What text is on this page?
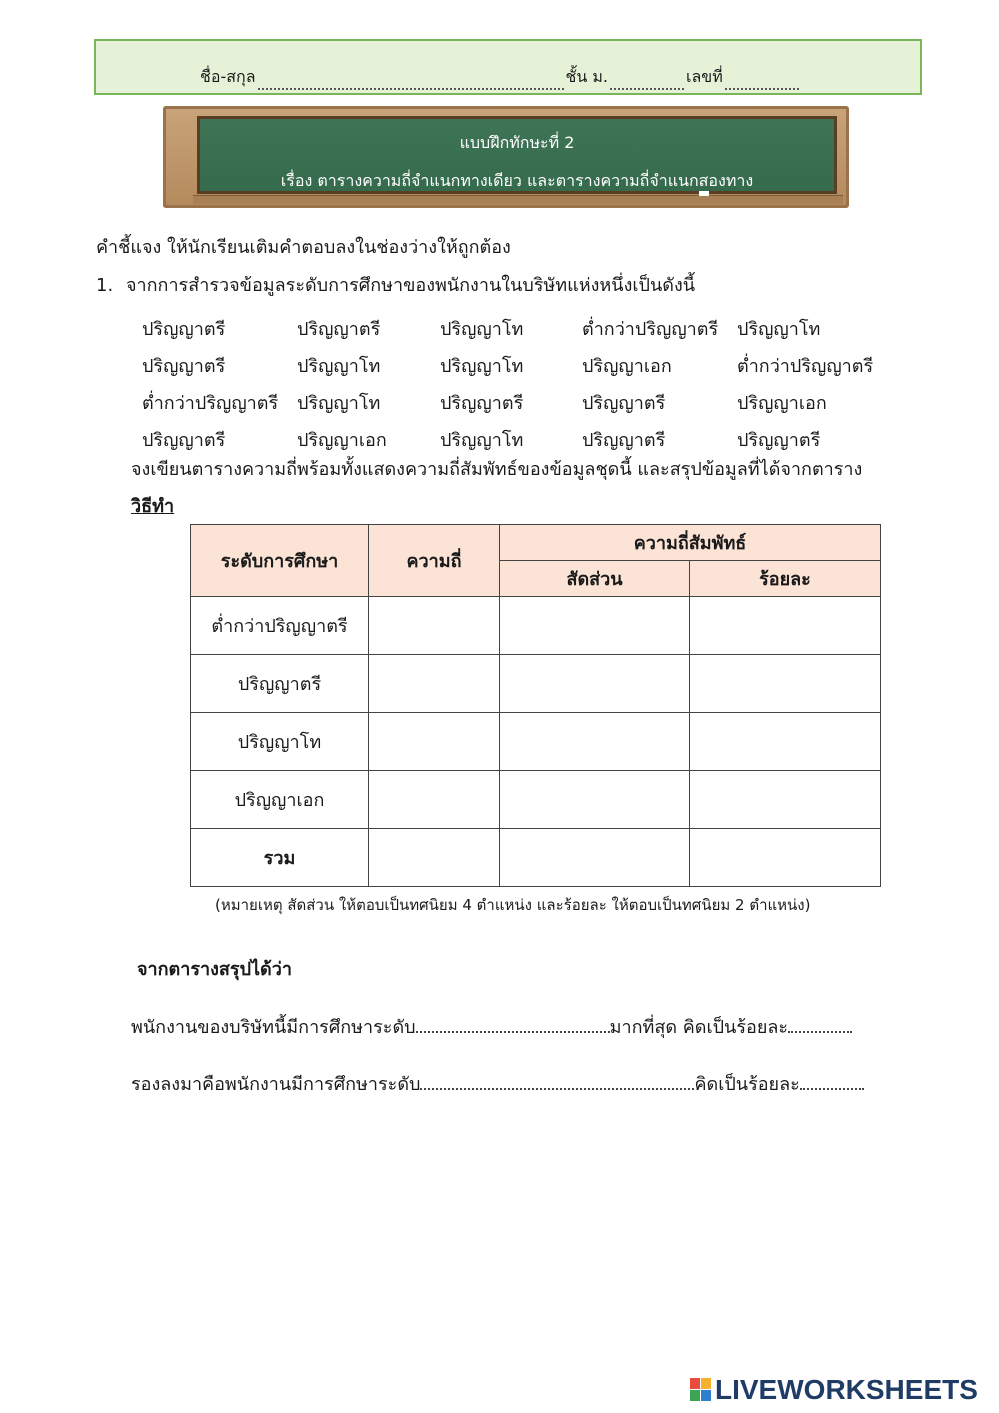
ชื่อ-สกุล	ชั้น ม.	เลขที่
แบบฝึกทักษะที่ 2
เรื่อง ตารางความถี่จำแนกทางเดียว และตารางความถี่จำแนกสองทาง
คำชี้แจง ให้นักเรียนเติมคำตอบลงในช่องว่างให้ถูกต้อง
1. จากการสำรวจข้อมูลระดับการศึกษาของพนักงานในบริษัทแห่งหนึ่งเป็นดังนี้
ปริญญาตรี	ปริญญาตรี	ปริญญาโท	ต่ำกว่าปริญญาตรี ปริญญาโท
ปริญญาตรี	ปริญญาโท	ปริญญาโท	ปริญญาเอก	ต่ำกว่าปริญญาตรี
ต่ำกว่าปริญญาตรี ปริญญาโท	ปริญญาตรี	ปริญญาตรี	ปริญญาเอก
ปริญญาตรี	ปริญญาเอก	ปริญญาโท	ปริญญาตรี	ปริญญาตรี
จงเขียนตารางความถี่พร้อมทั้งแสดงความถี่สัมพัทธ์ของข้อมูลชุดนี้ และสรุปข้อมูลที่ได้จากตาราง
วิธีทำ
ระดับการศึกษา	ความถี่	ความถี่สัมพัทธ์	
		สัดส่วน	ร้อยละ
ต่ำกว่าปริญญาตรี			
ปริญญาตรี			
ปริญญาโท			
ปริญญาเอก			
รวม			
(หมายเหตุ สัดส่วน ให้ตอบเป็นทศนิยม 4 ตำแหน่ง และร้อยละ ให้ตอบเป็นทศนิยม 2 ตำแหน่ง)
จากตารางสรุปได้ว่า
พนักงานของบริษัทนี้มีการศึกษาระดับ	มากที่สุด คิดเป็นร้อยละ
รองลงมาคือพนักงานมีการศึกษาระดับ	คิดเป็นร้อยละ
LIVEWORKSHEETS
